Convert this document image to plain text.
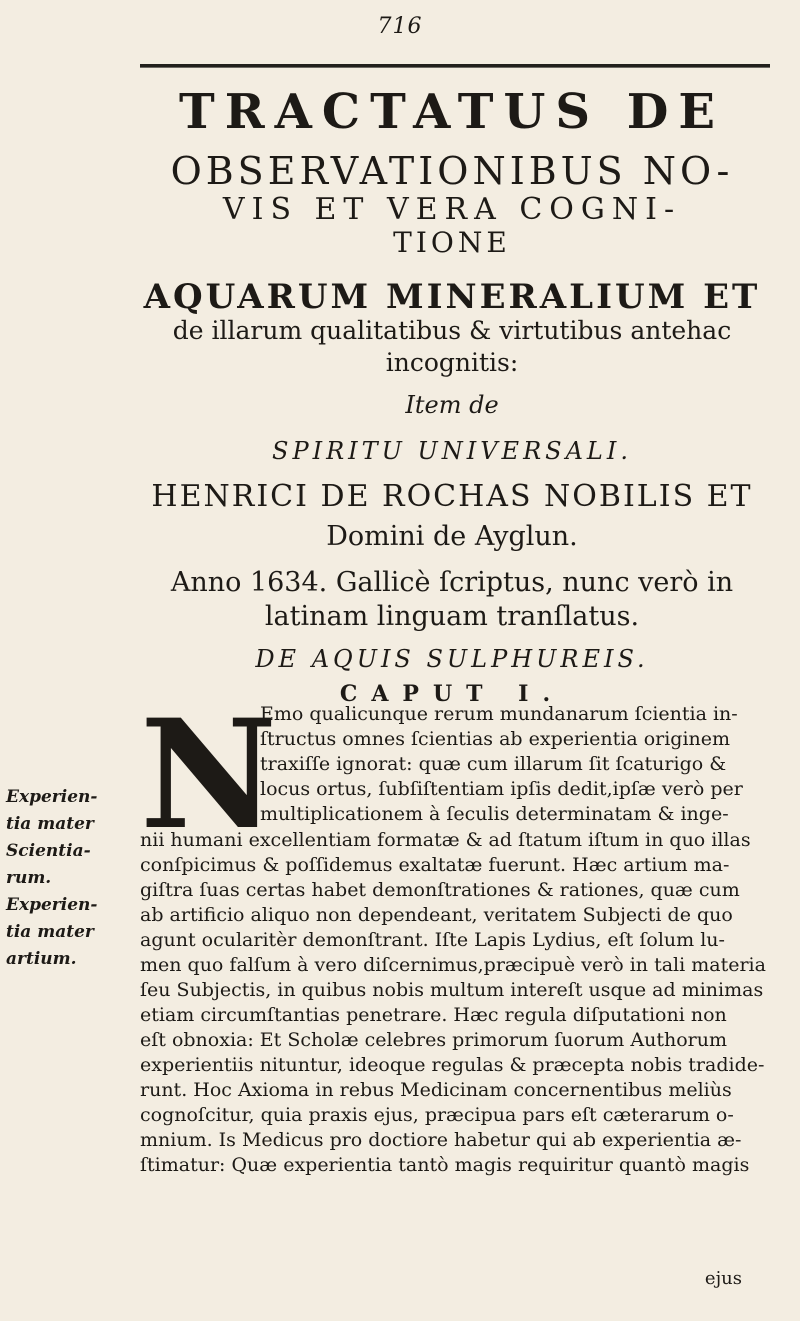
716
TRACTATUS DE
OBSERVATIONIBUS NO-
VIS ET VERA COGNI-
TIONE
AQUARUM MINERALIUM ET
de illarum qualitatibus & virtutibus antehac
incognitis:
Item de
SPIRITU UNIVERSALI.
HENRICI DE ROCHAS NOBILIS ET
Domini de Ayglun.
Anno 1634. Gallicè ſcriptus, nunc verò in
latinam linguam tranſlatus.
DE AQUIS SULPHUREIS.
CAPUT I.
N
Experien-
tia mater
Scientia-
rum.
Experien-
tia mater
artium.
Emo qualicunque rerum mundanarum ſcientia in-
ſtructus omnes ſcientias ab experientia originem
traxiſſe ignorat: quæ cum illarum ſit ſcaturigo &
locus ortus, ſubſiſtentiam ipſis dedit,ipſæ verò per
multiplicationem à ſeculis determinatam & inge-
nii humani excellentiam formatæ & ad ſtatum iſtum in quo illas
conſpicimus & poſſidemus exaltatæ fuerunt. Hæc artium ma-
giſtra ſuas certas habet demonſtrationes & rationes, quæ cum
ab artificio aliquo non dependeant, veritatem Subjecti de quo
agunt ocularitèr demonſtrant. Iſte Lapis Lydius, eſt ſolum lu-
men quo falſum à vero diſcernimus,præcipuè verò in tali materia
ſeu Subjectis, in quibus nobis multum intereſt usque ad minimas
etiam circumſtantias penetrare. Hæc regula diſputationi non
eſt obnoxia: Et Scholæ celebres primorum ſuorum Authorum
experientiis nituntur, ideoque regulas & præcepta nobis tradide-
runt. Hoc Axioma in rebus Medicinam concernentibus meliùs
cognoſcitur, quia praxis ejus, præcipua pars eſt cæterarum o-
mnium. Is Medicus pro doctiore habetur qui ab experientia æ-
ſtimatur: Quæ experientia tantò magis requiritur quantò magis
ejus
